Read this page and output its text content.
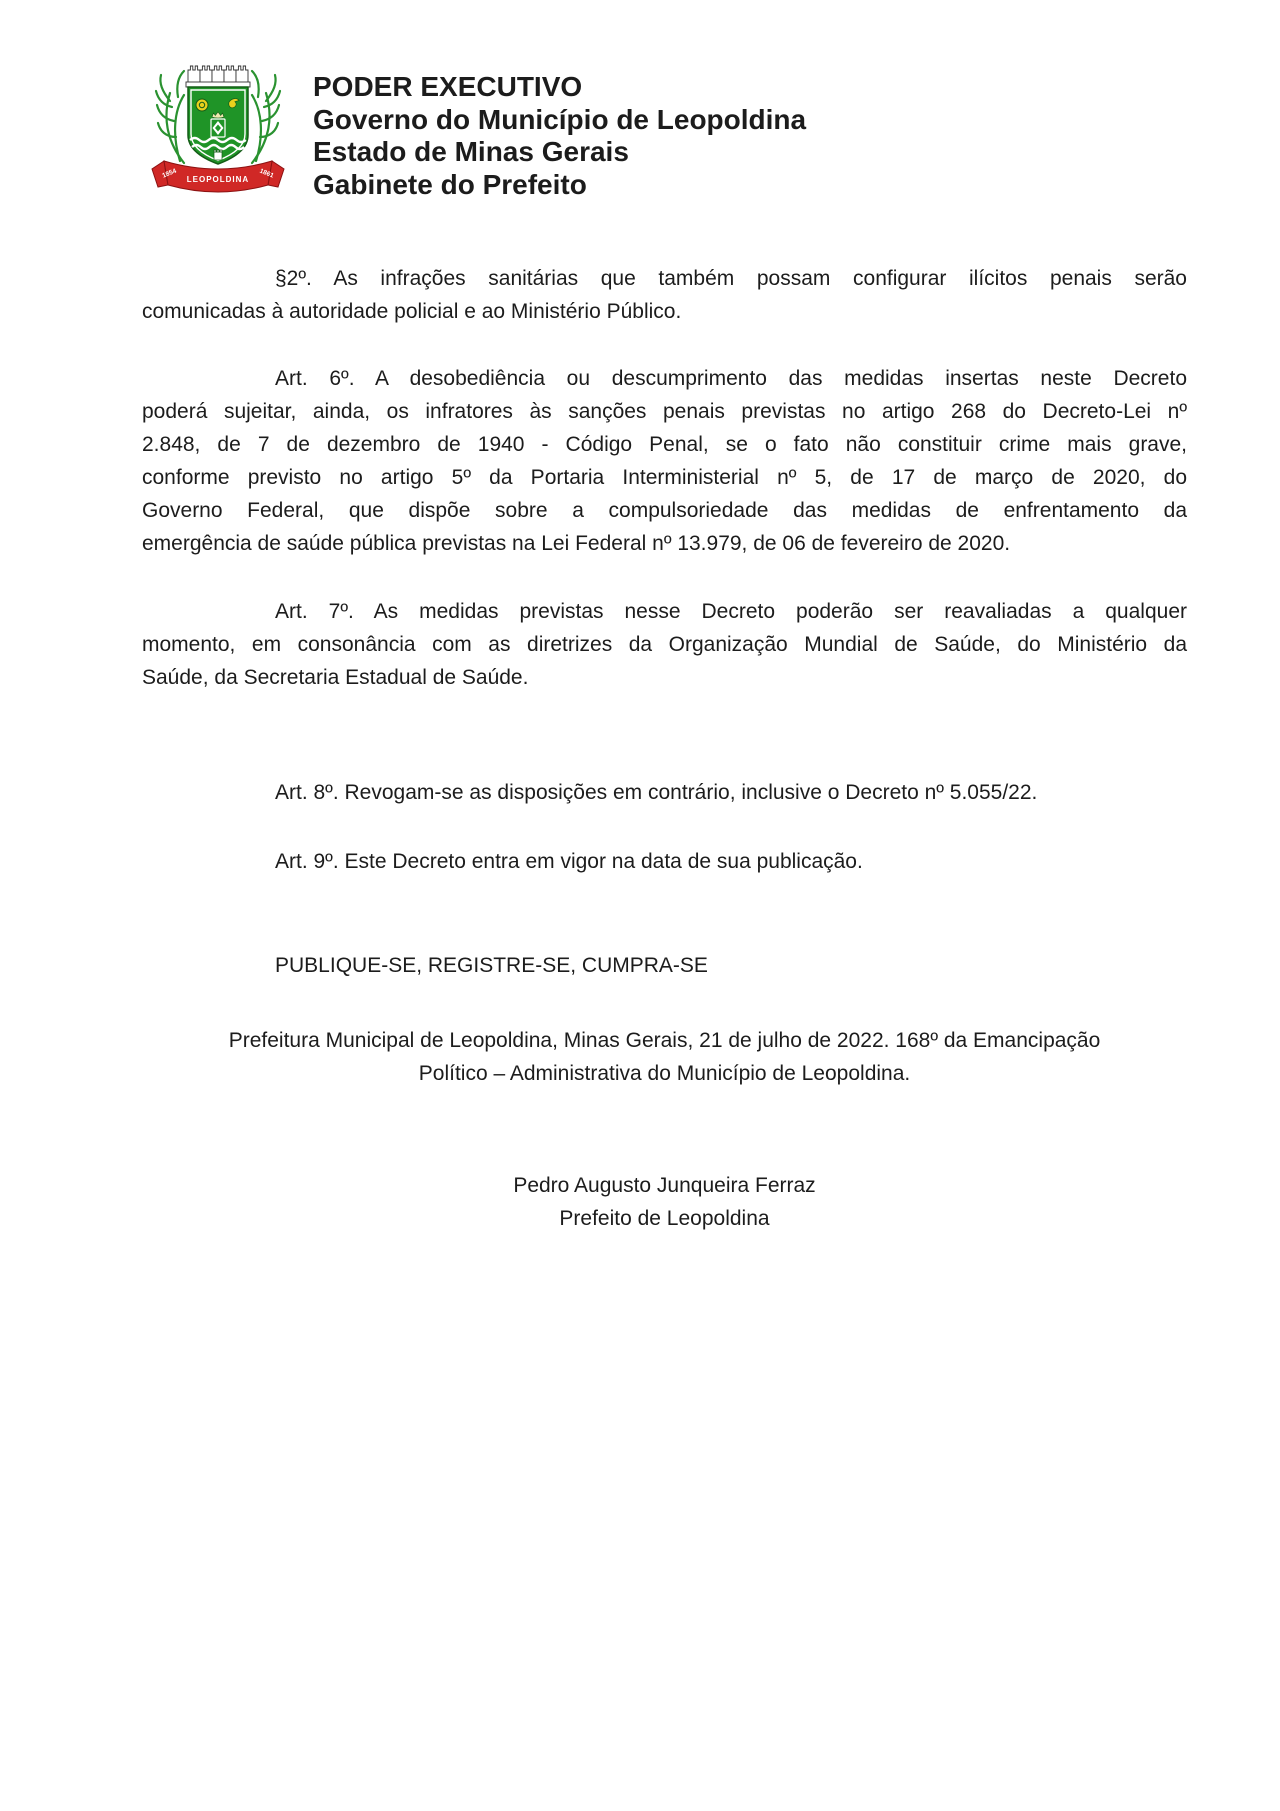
1854 LEOPOLDINA 1861
PODER EXECUTIVO
Governo do Município de Leopoldina
Estado de Minas Gerais
Gabinete do Prefeito
§2º. As infrações sanitárias que também possam configurar ilícitos penais serão
comunicadas à autoridade policial e ao Ministério Público.
Art. 6º. A desobediência ou descumprimento das medidas insertas neste Decreto
poderá sujeitar, ainda, os infratores às sanções penais previstas no artigo 268 do Decreto-Lei nº
2.848, de 7 de dezembro de 1940 - Código Penal, se o fato não constituir crime mais grave,
conforme previsto no artigo 5º da Portaria Interministerial nº 5, de 17 de março de 2020, do
Governo Federal, que dispõe sobre a compulsoriedade das medidas de enfrentamento da
emergência de saúde pública previstas na Lei Federal nº 13.979, de 06 de fevereiro de 2020.
Art. 7º. As medidas previstas nesse Decreto poderão ser reavaliadas a qualquer
momento, em consonância com as diretrizes da Organização Mundial de Saúde, do Ministério da
Saúde, da Secretaria Estadual de Saúde.
Art. 8º. Revogam-se as disposições em contrário, inclusive o Decreto nº 5.055/22.
Art. 9º. Este Decreto entra em vigor na data de sua publicação.
PUBLIQUE-SE, REGISTRE-SE, CUMPRA-SE
Prefeitura Municipal de Leopoldina, Minas Gerais, 21 de julho de 2022. 168º da Emancipação
Político – Administrativa do Município de Leopoldina.
Pedro Augusto Junqueira Ferraz
Prefeito de Leopoldina
